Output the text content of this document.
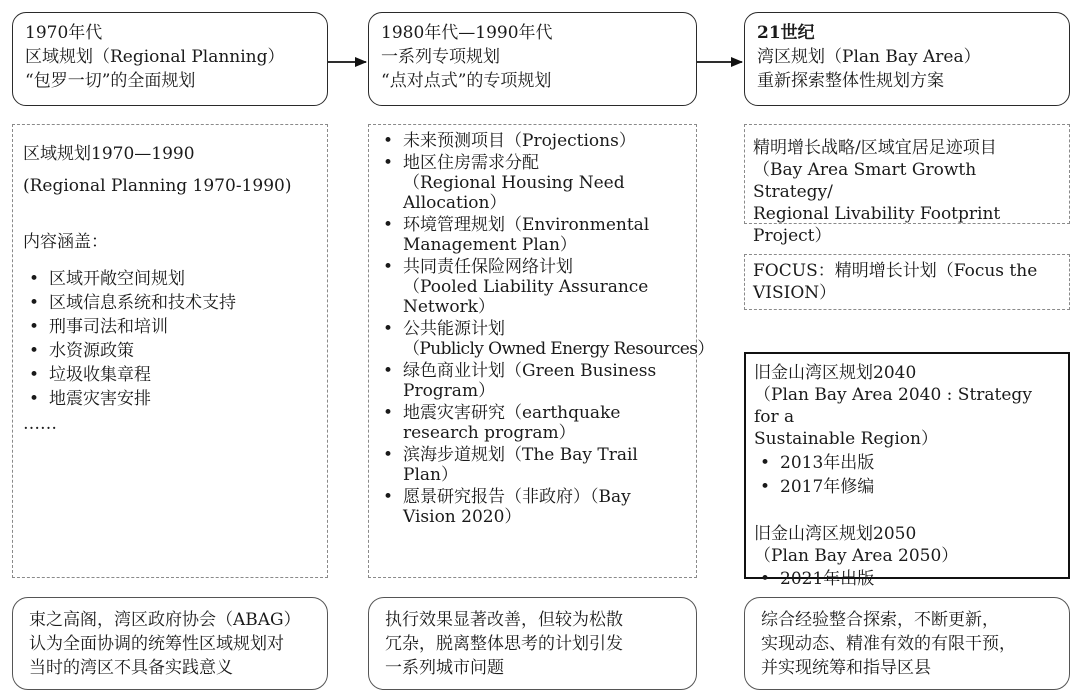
1970年代
区域规划（Regional Planning）
“包罗一切”的全面规划
区域规划1970—1990
(Regional Planning 1970-1990)
内容涵盖：
• 区域开敞空间规划
• 区域信息系统和技术支持
• 刑事司法和培训
• 水资源政策
• 垃圾收集章程
• 地震灾害安排
……
束之高阁，湾区政府协会（ABAG）
认为全面协调的统筹性区域规划对
当时的湾区不具备实践意义
1980年代—1990年代
一系列专项规划
“点对点式”的专项规划
• 未来预测项目（Projections）
• 地区住房需求分配
（Regional Housing Need
Allocation）
• 环境管理规划（Environmental
Management Plan）
• 共同责任保险网络计划
（Pooled Liability Assurance
Network）
• 公共能源计划
（Publicly Owned Energy Resources）
• 绿色商业计划（Green Business
Program）
• 地震灾害研究（earthquake
research program）
• 滨海步道规划（The Bay Trail
Plan）
• 愿景研究报告（非政府）（Bay
Vision 2020）
执行效果显著改善，但较为松散
冗杂，脱离整体思考的计划引发
一系列城市问题
21世纪
湾区规划（Plan Bay Area）
重新探索整体性规划方案
精明增长战略/区域宜居足迹项目
（Bay Area Smart Growth Strategy/
Regional Livability Footprint Project）
FOCUS：精明增长计划（Focus the
VISION）
旧金山湾区规划2040
（Plan Bay Area 2040 : Strategy for a
Sustainable Region）
• 2013年出版
• 2017年修编
旧金山湾区规划2050
（Plan Bay Area 2050）
• 2021年出版
综合经验整合探索，不断更新，
实现动态、精准有效的有限干预，
并实现统筹和指导区县
